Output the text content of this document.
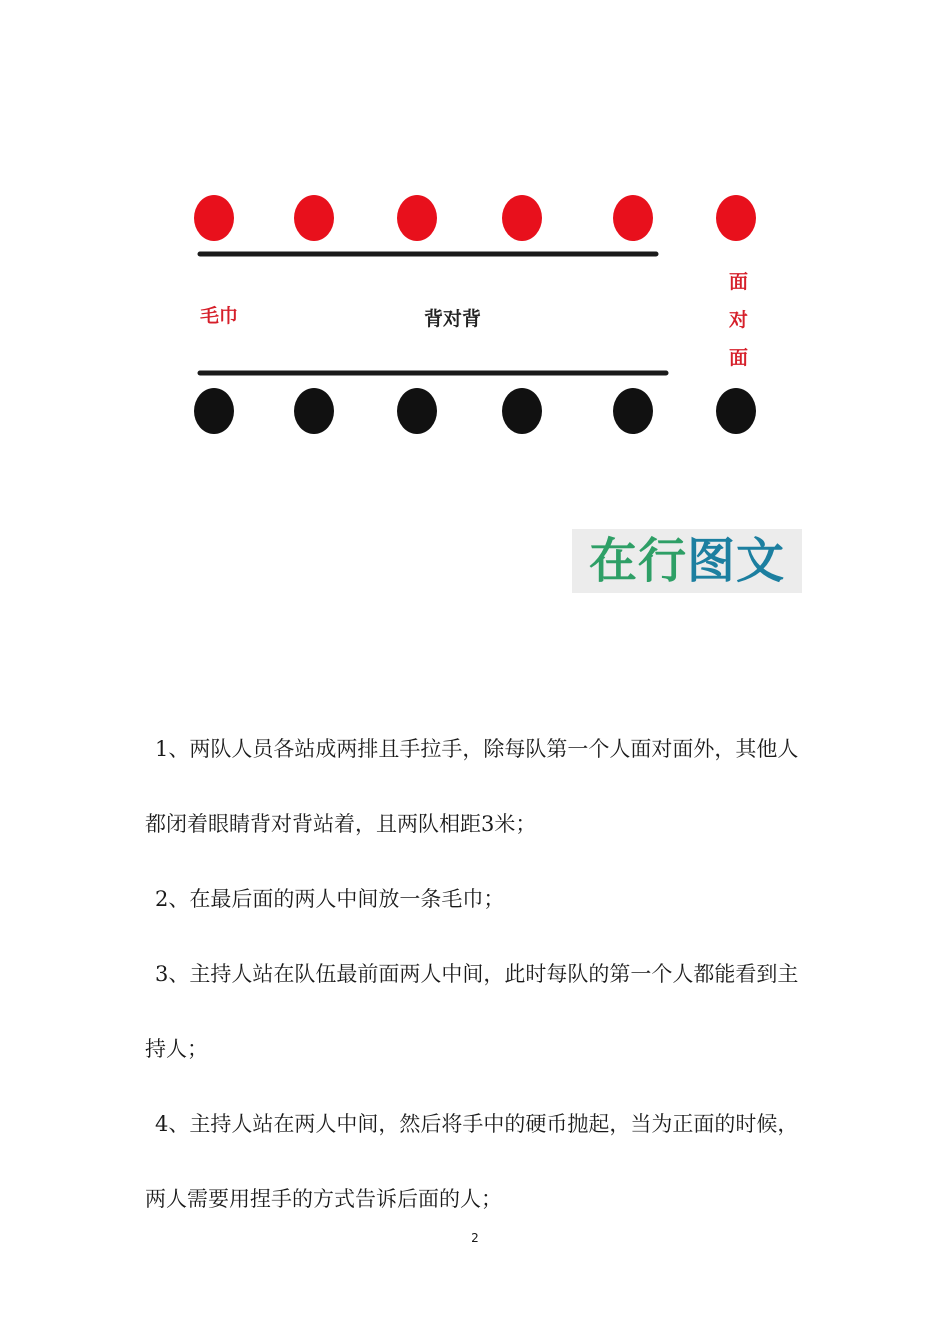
毛巾	背对背
面对面
在行图文

1、两队人员各站成两排且手拉手，除每队第一个人面对面外，其他人都闭着眼睛背对背站着，且两队相距3米；

2、在最后面的两人中间放一条毛巾；

3、主持人站在队伍最前面两人中间，此时每队的第一个人都能看到主持人；

4、主持人站在两人中间，然后将手中的硬币抛起，当为正面的时候，两人需要用捏手的方式告诉后面的人；

2
